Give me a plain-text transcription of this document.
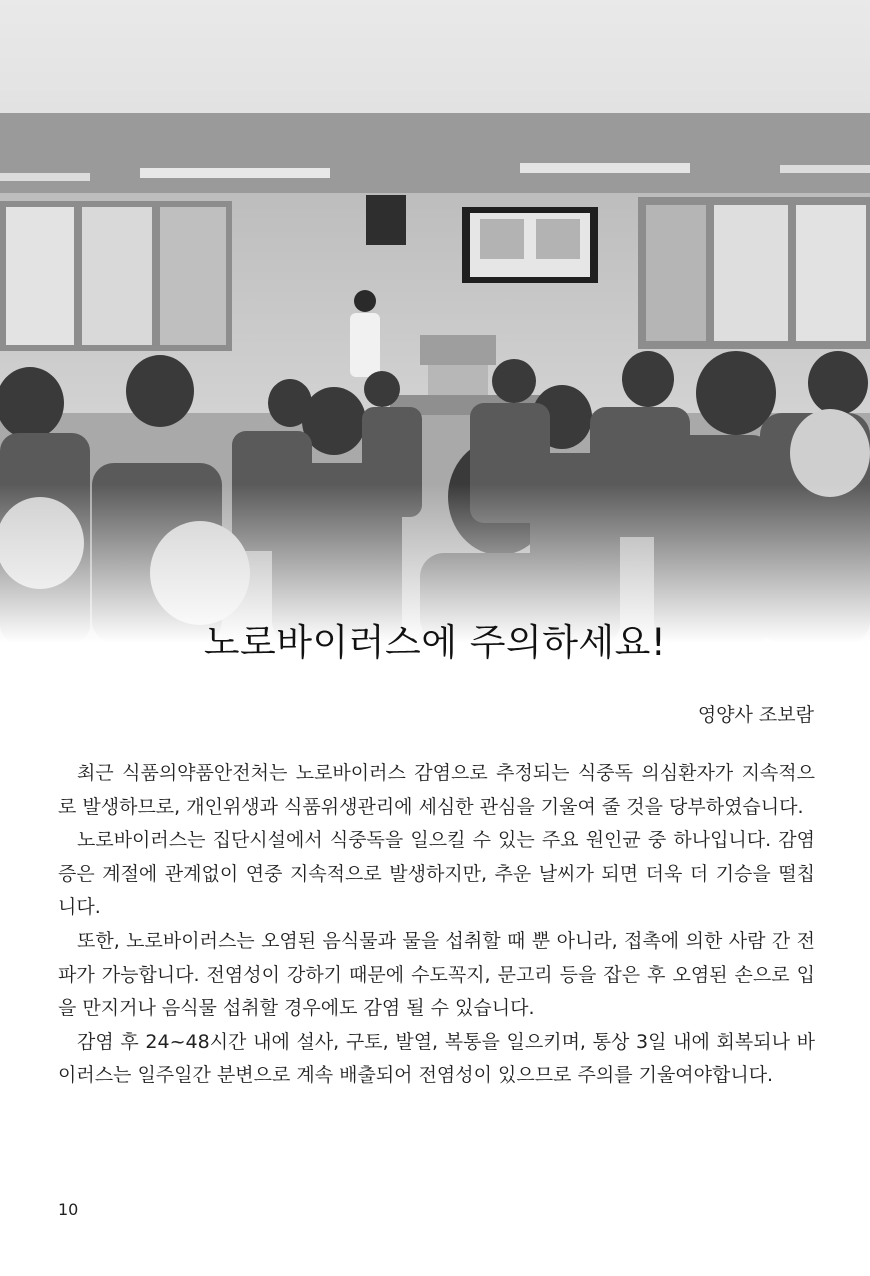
노로바이러스에 주의하세요!
영양사 조보람

최근 식품의약품안전처는 노로바이러스 감염으로 추정되는 식중독 의심환자가 지속적으로 발생하므로, 개인위생과 식품위생관리에 세심한 관심을 기울여 줄 것을 당부하였습니다.

노로바이러스는 집단시설에서 식중독을 일으킬 수 있는 주요 원인균 중 하나입니다. 감염증은 계절에 관계없이 연중 지속적으로 발생하지만, 추운 날씨가 되면 더욱 더 기승을 떨칩니다.

또한, 노로바이러스는 오염된 음식물과 물을 섭취할 때 뿐 아니라, 접촉에 의한 사람 간 전파가 가능합니다. 전염성이 강하기 때문에 수도꼭지, 문고리 등을 잡은 후 오염된 손으로 입을 만지거나 음식물 섭취할 경우에도 감염 될 수 있습니다.

감염 후 24~48시간 내에 설사, 구토, 발열, 복통을 일으키며, 통상 3일 내에 회복되나 바이러스는 일주일간 분변으로 계속 배출되어 전염성이 있으므로 주의를 기울여야합니다.

10
